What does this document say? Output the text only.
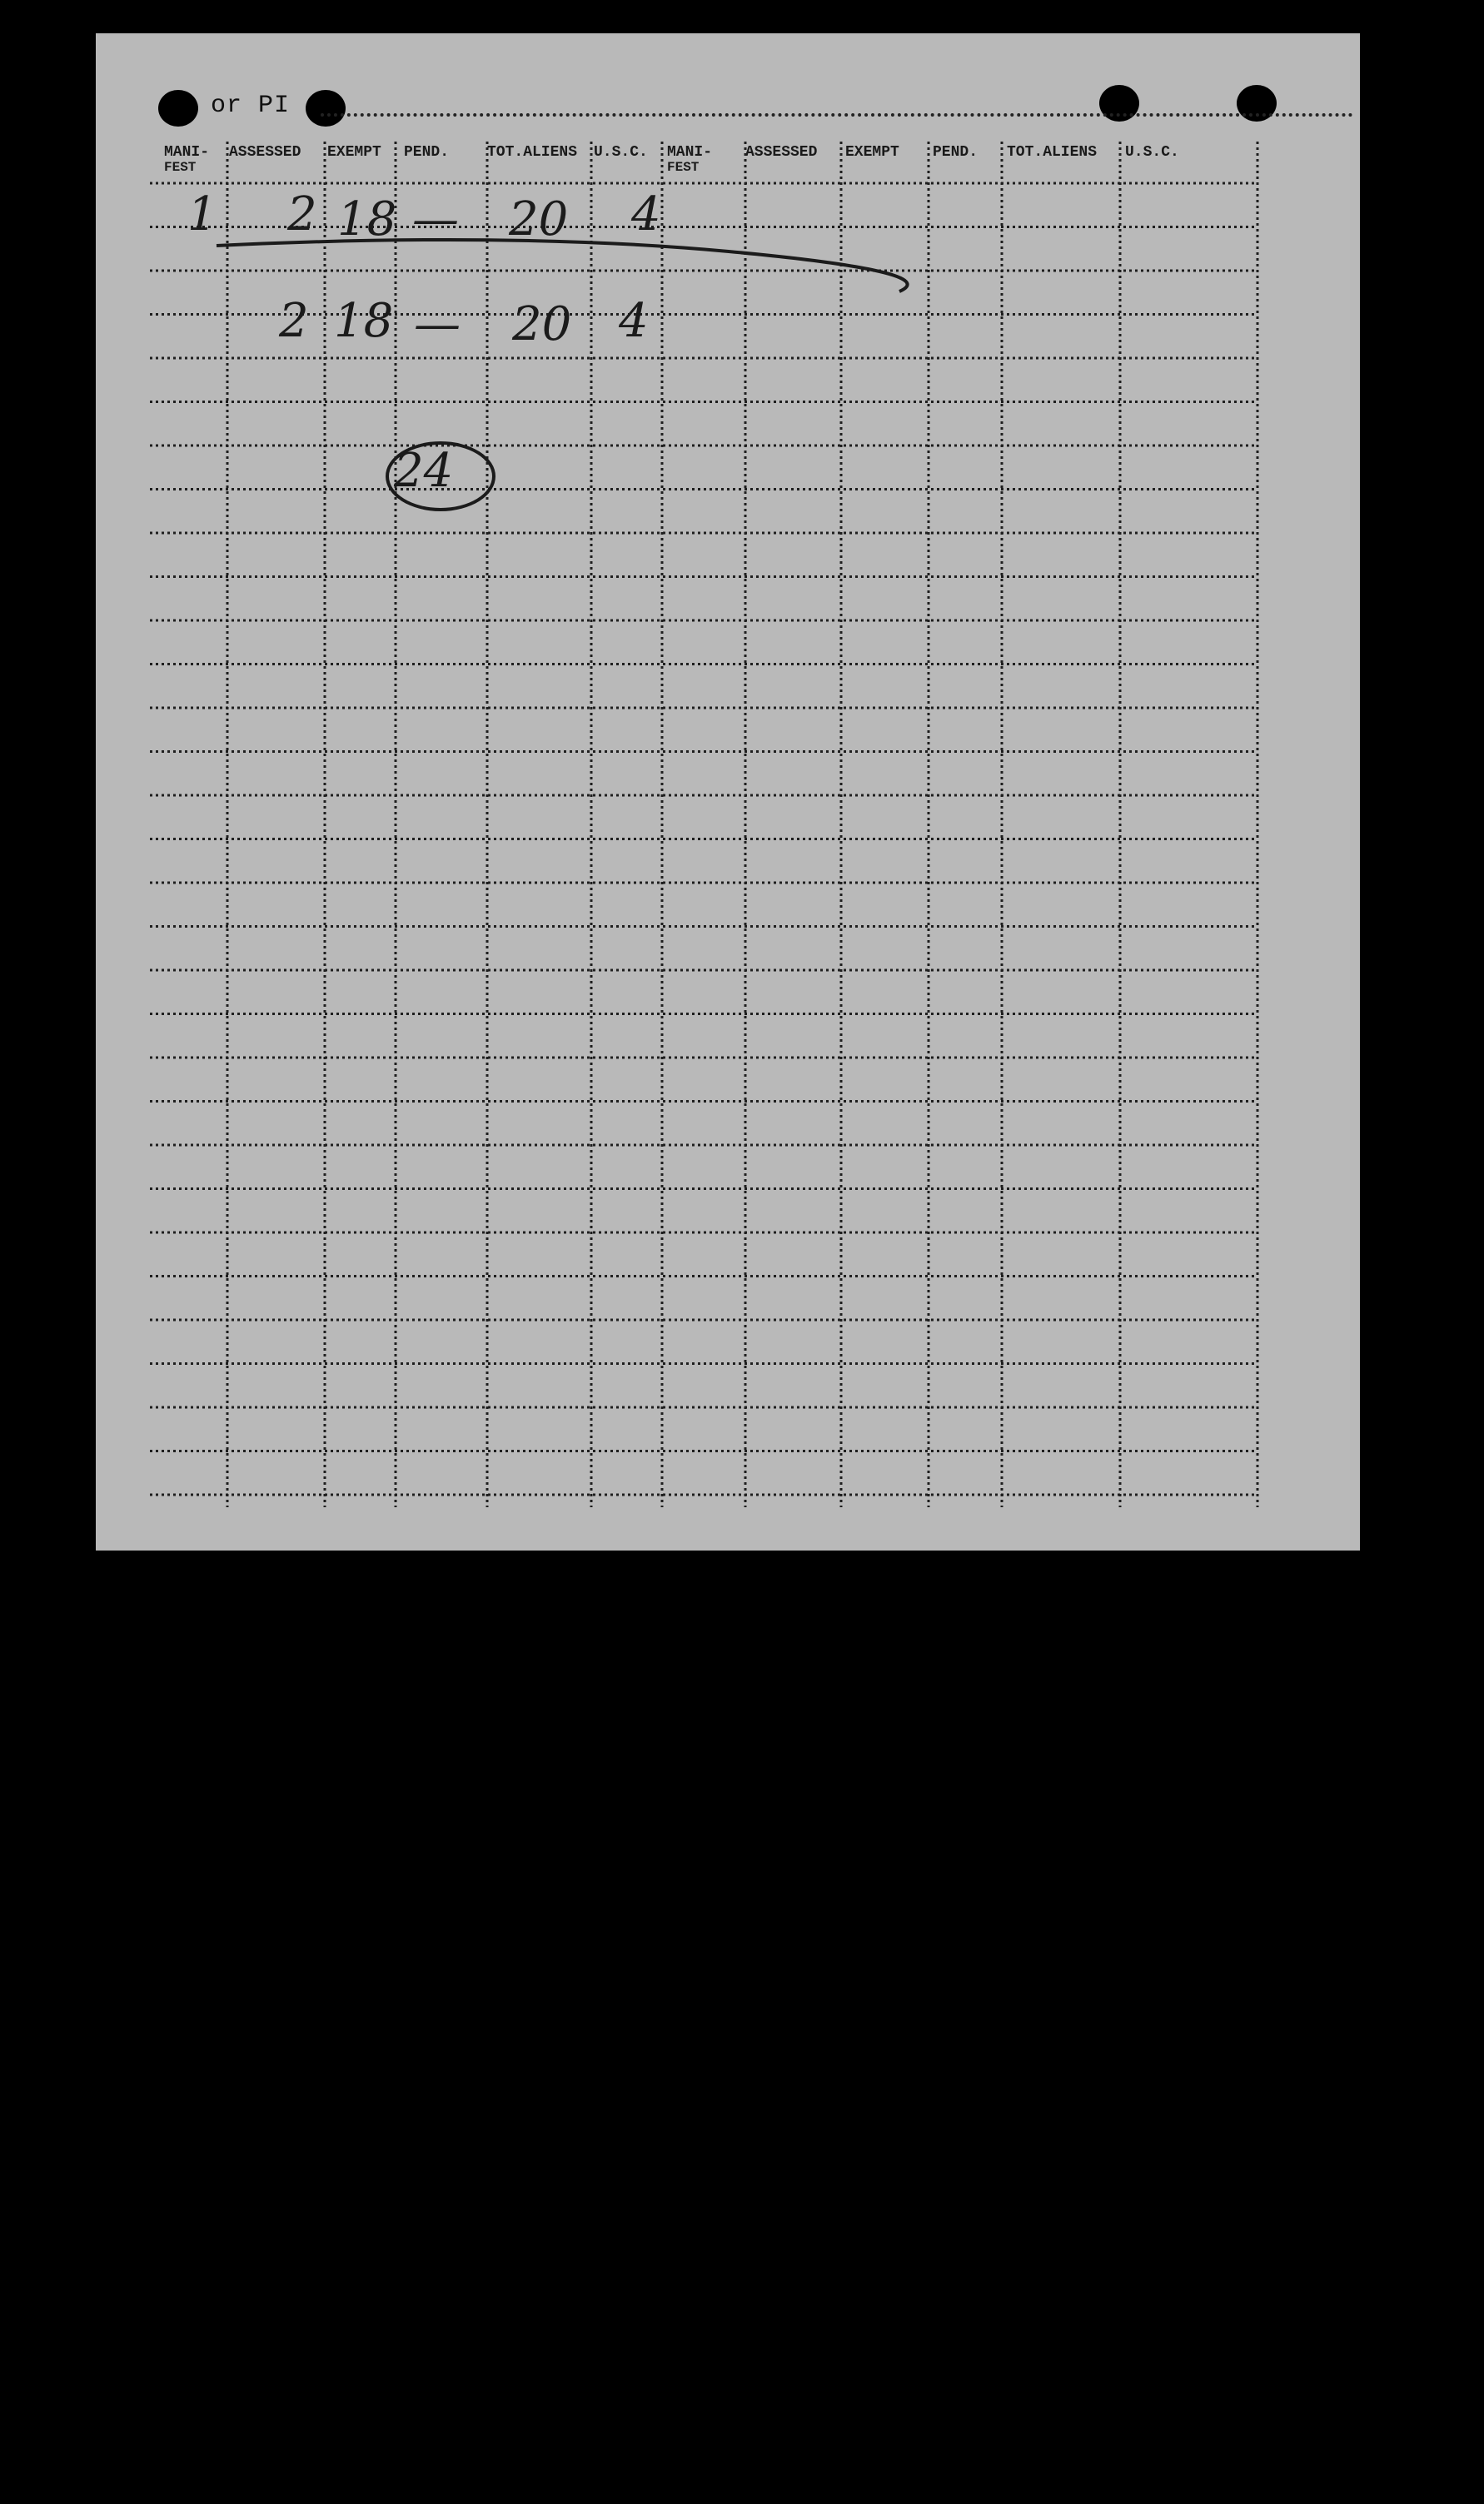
or PI
MANI-
FEST
ASSESSED EXEMPT PEND.	TOT.ALIENS U.S.C. MANI-
FEST
ASSESSED EXEMPT PEND. TOT.ALIENS U.S.C.
1 2 18 — 20 4
2 18 — 20 4
24
